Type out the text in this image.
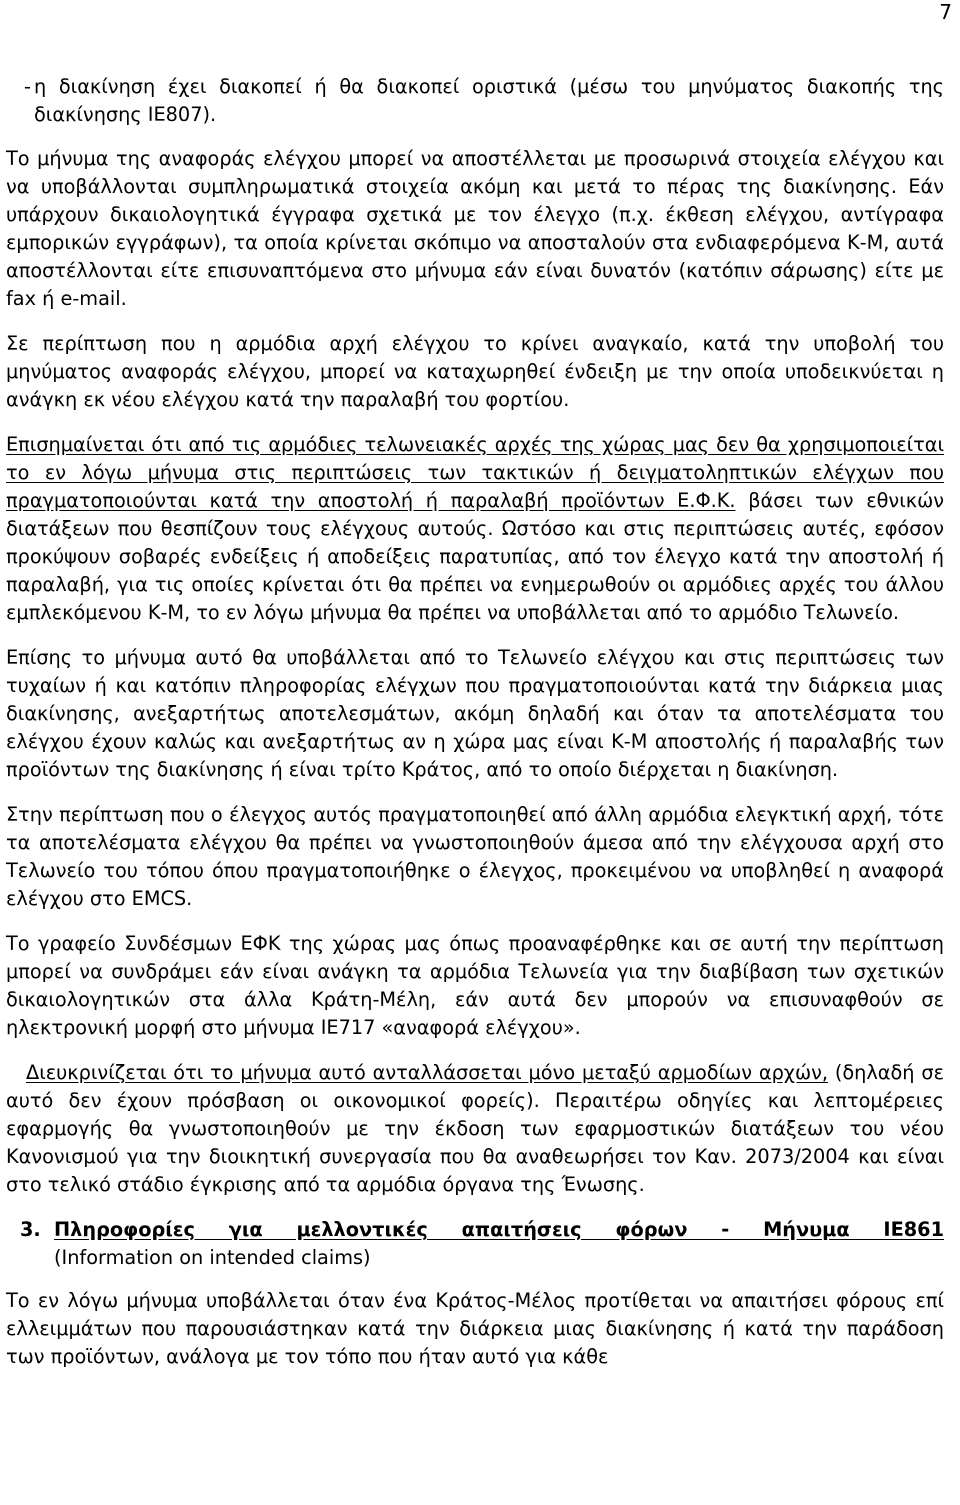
7
- η διακίνηση έχει διακοπεί ή θα διακοπεί οριστικά (μέσω του μηνύματος διακοπής της διακίνησης ΙΕ807).

Το μήνυμα της αναφοράς ελέγχου μπορεί να αποστέλλεται με προσωρινά στοιχεία ελέγχου και να υποβάλλονται συμπληρωματικά στοιχεία ακόμη και μετά το πέρας της διακίνησης. Εάν υπάρχουν δικαιολογητικά έγγραφα σχετικά με τον έλεγχο (π.χ. έκθεση ελέγχου, αντίγραφα εμπορικών εγγράφων), τα οποία κρίνεται σκόπιμο να αποσταλούν στα ενδιαφερόμενα Κ-Μ, αυτά αποστέλλονται είτε επισυναπτόμενα στο μήνυμα εάν είναι δυνατόν (κατόπιν σάρωσης) είτε με fax ή e-mail.

Σε περίπτωση που η αρμόδια αρχή ελέγχου το κρίνει αναγκαίο, κατά την υποβολή του μηνύματος αναφοράς ελέγχου, μπορεί να καταχωρηθεί ένδειξη με την οποία υποδεικνύεται η ανάγκη εκ νέου ελέγχου κατά την παραλαβή του φορτίου.

Επισημαίνεται ότι από τις αρμόδιες τελωνειακές αρχές της χώρας μας δεν θα χρησιμοποιείται το εν λόγω μήνυμα στις περιπτώσεις των τακτικών ή δειγματοληπτικών ελέγχων που πραγματοποιούνται κατά την αποστολή ή παραλαβή προϊόντων Ε.Φ.Κ. βάσει των εθνικών διατάξεων που θεσπίζουν τους ελέγχους αυτούς. Ωστόσο και στις περιπτώσεις αυτές, εφόσον προκύψουν σοβαρές ενδείξεις ή αποδείξεις παρατυπίας, από τον έλεγχο κατά την αποστολή ή παραλαβή, για τις οποίες κρίνεται ότι θα πρέπει να ενημερωθούν οι αρμόδιες αρχές του άλλου εμπλεκόμενου Κ-Μ, το εν λόγω μήνυμα θα πρέπει να υποβάλλεται από το αρμόδιο Τελωνείο.

Επίσης το μήνυμα αυτό θα υποβάλλεται από το Τελωνείο ελέγχου και στις περιπτώσεις των τυχαίων ή και κατόπιν πληροφορίας ελέγχων που πραγματοποιούνται κατά την διάρκεια μιας διακίνησης, ανεξαρτήτως αποτελεσμάτων, ακόμη δηλαδή και όταν τα αποτελέσματα του ελέγχου έχουν καλώς και ανεξαρτήτως αν η χώρα μας είναι Κ-Μ αποστολής ή παραλαβής των προϊόντων της διακίνησης ή είναι τρίτο Κράτος, από το οποίο διέρχεται η διακίνηση.

Στην περίπτωση που ο έλεγχος αυτός πραγματοποιηθεί από άλλη αρμόδια ελεγκτική αρχή, τότε τα αποτελέσματα ελέγχου θα πρέπει να γνωστοποιηθούν άμεσα από την ελέγχουσα αρχή στο Τελωνείο του τόπου όπου πραγματοποιήθηκε ο έλεγχος, προκειμένου να υποβληθεί η αναφορά ελέγχου στο EMCS.

Το γραφείο Συνδέσμων ΕΦΚ της χώρας μας όπως προαναφέρθηκε και σε αυτή την περίπτωση μπορεί να συνδράμει εάν είναι ανάγκη τα αρμόδια Τελωνεία για την διαβίβαση των σχετικών δικαιολογητικών στα άλλα Κράτη-Μέλη, εάν αυτά δεν μπορούν να επισυναφθούν σε ηλεκτρονική μορφή στο μήνυμα ΙΕ717 «αναφορά ελέγχου».

Διευκρινίζεται ότι το μήνυμα αυτό ανταλλάσσεται μόνο μεταξύ αρμοδίων αρχών, (δηλαδή σε αυτό δεν έχουν πρόσβαση οι οικονομικοί φορείς). Περαιτέρω οδηγίες και λεπτομέρειες εφαρμογής θα γνωστοποιηθούν με την έκδοση των εφαρμοστικών διατάξεων του νέου Κανονισμού για την διοικητική συνεργασία που θα αναθεωρήσει τον Καν. 2073/2004 και είναι στο τελικό στάδιο έγκρισης από τα αρμόδια όργανα της Ένωσης.

3. Πληροφορίες για μελλοντικές απαιτήσεις φόρων - Μήνυμα ΙΕ861
(Information on intended claims)

Το εν λόγω μήνυμα υποβάλλεται όταν ένα Κράτος-Μέλος προτίθεται να απαιτήσει φόρους επί ελλειμμάτων που παρουσιάστηκαν κατά την διάρκεια μιας διακίνησης ή κατά την παράδοση των προϊόντων, ανάλογα με τον τόπο που ήταν αυτό για κάθε
